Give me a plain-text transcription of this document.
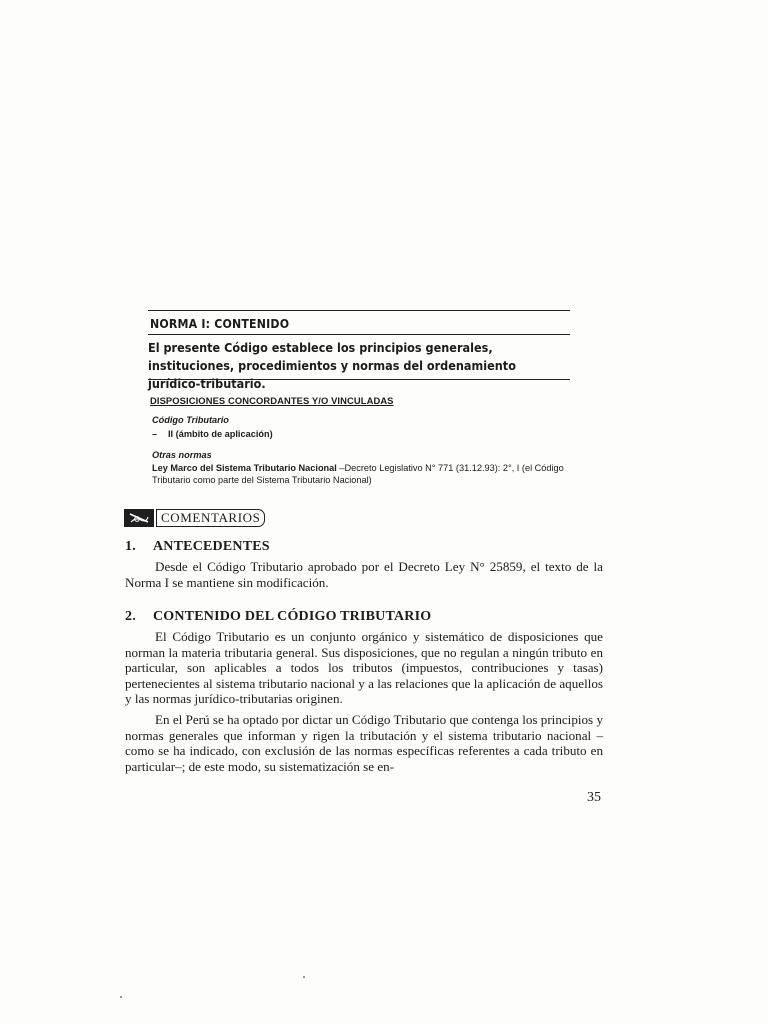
NORMA I: CONTENIDO
El presente Código establece los principios generales, instituciones, procedimientos y normas del ordenamiento jurídico-tributario.
DISPOSICIONES CONCORDANTES Y/O VINCULADAS
Código Tributario
– II (ámbito de aplicación)
Otras normas
Ley Marco del Sistema Tributario Nacional –Decreto Legislativo N° 771 (31.12.93): 2°, I (el Código Tributario como parte del Sistema Tributario Nacional)
COMENTARIOS
1. ANTECEDENTES
Desde el Código Tributario aprobado por el Decreto Ley N° 25859, el texto de la Norma I se mantiene sin modificación.
2. CONTENIDO DEL CÓDIGO TRIBUTARIO
El Código Tributario es un conjunto orgánico y sistemático de disposiciones que norman la materia tributaria general. Sus disposiciones, que no regulan a ningún tributo en particular, son aplicables a todos los tributos (impuestos, contribuciones y tasas) pertenecientes al sistema tributario nacional y a las relaciones que la aplicación de aquellos y las normas jurídico-tributarias originen.
En el Perú se ha optado por dictar un Código Tributario que contenga los principios y normas generales que informan y rigen la tributación y el sistema tributario nacional –como se ha indicado, con exclusión de las normas específicas referentes a cada tributo en particular–; de este modo, su sistematización se en-
35
